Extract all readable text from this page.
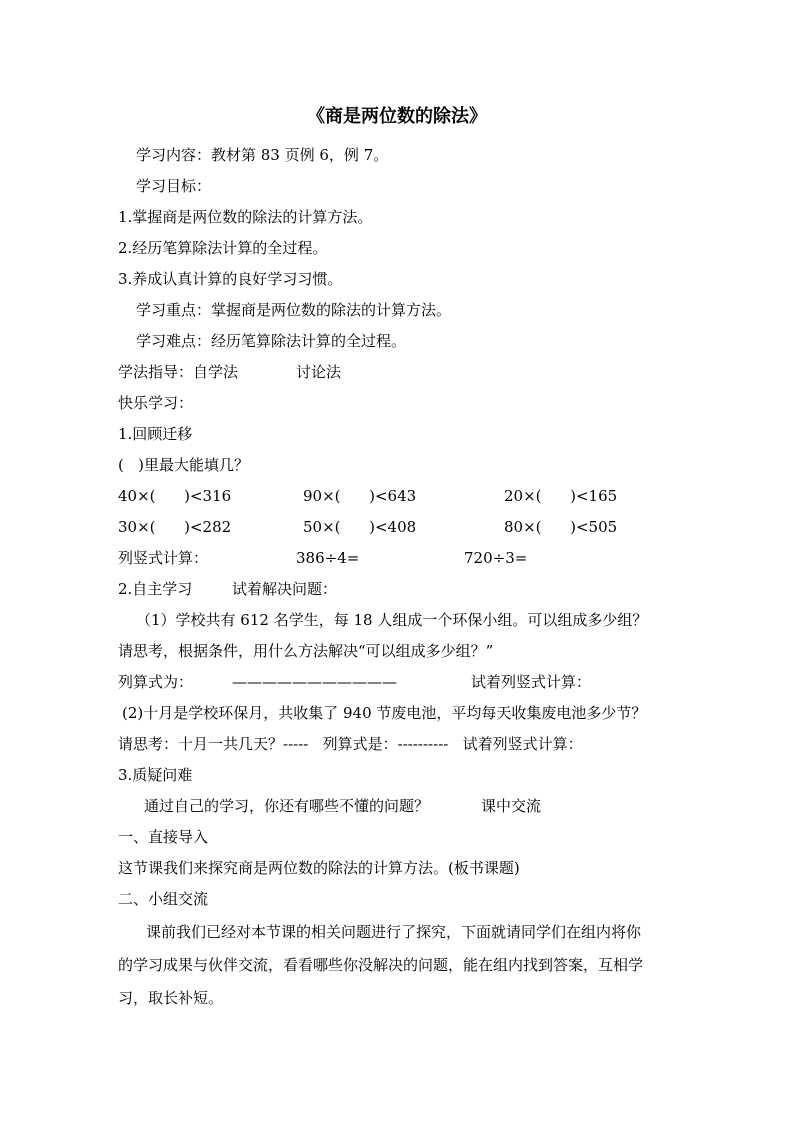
《商是两位数的除法》
学习内容：教材第 83 页例 6，例 7。
学习目标：
1.掌握商是两位数的除法的计算方法。
2.经历笔算除法计算的全过程。
3.养成认真计算的良好学习习惯。
学习重点：掌握商是两位数的除法的计算方法。
学习难点：经历笔算除法计算的全过程。
学法指导：自学法	讨论法
快乐学习：
1.回顾迁移
(   )里最大能填几？
40×(      )<316	90×(      )<643	20×(      )<165
30×(      )<282	50×(      )<408	80×(      )<505
列竖式计算：	386÷4=	720÷3=
2.自主学习	试着解决问题：
（1）学校共有 612 名学生，每 18 人组成一个环保小组。可以组成多少组？
请思考，根据条件，用什么方法解决“可以组成多少组？”
列算式为：	———————————	试着列竖式计算：
(2)十月是学校环保月，共收集了 940 节废电池，平均每天收集废电池多少节？
请思考：十月一共几天？-----   列算式是：----------   试着列竖式计算：
3.质疑问难
通过自己的学习，你还有哪些不懂的问题？	课中交流
一、直接导入
这节课我们来探究商是两位数的除法的计算方法。(板书课题)
二、小组交流
课前我们已经对本节课的相关问题进行了探究，下面就请同学们在组内将你
的学习成果与伙伴交流，看看哪些你没解决的问题，能在组内找到答案，互相学
习，取长补短。
